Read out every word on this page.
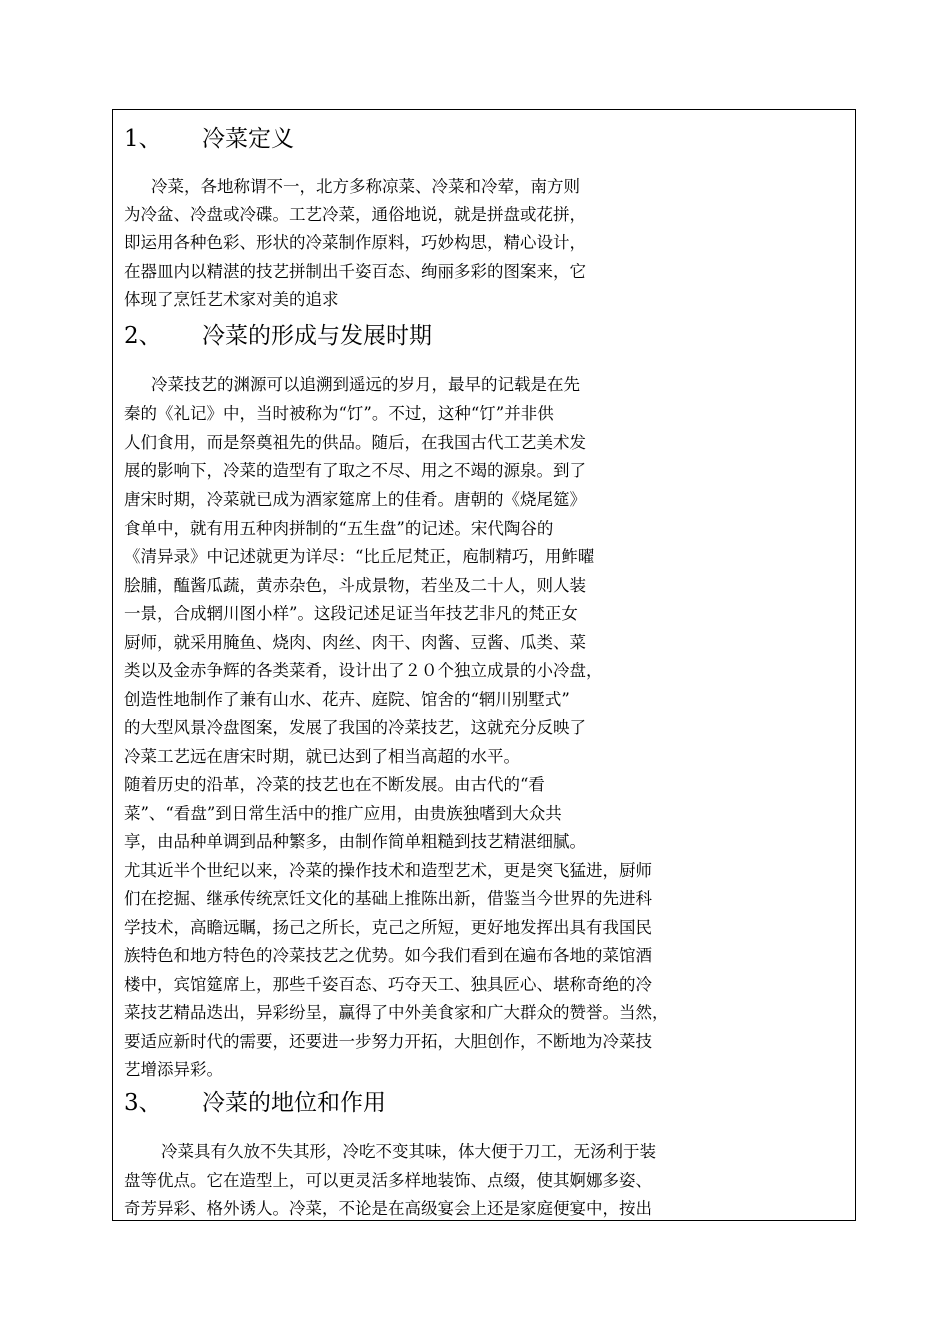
1、 冷菜定义
冷菜，各地称谓不一，北方多称凉菜、冷菜和冷荤，南方则
为冷盆、冷盘或冷碟。工艺冷菜，通俗地说，就是拼盘或花拼，
即运用各种色彩、形状的冷菜制作原料，巧妙构思，精心设计，
在器皿内以精湛的技艺拼制出千姿百态、绚丽多彩的图案来，它
体现了烹饪艺术家对美的追求
2、 冷菜的形成与发展时期
冷菜技艺的渊源可以追溯到遥远的岁月，最早的记载是在先
秦的《礼记》中，当时被称为“饤”。不过，这种“饤”并非供
人们食用，而是祭奠祖先的供品。随后，在我国古代工艺美术发
展的影响下，冷菜的造型有了取之不尽、用之不竭的源泉。到了
唐宋时期，冷菜就已成为酒家筵席上的佳肴。唐朝的《烧尾筵》
食单中，就有用五种肉拼制的“五生盘”的记述。宋代陶谷的
《清异录》中记述就更为详尽：“比丘尼梵正，庖制精巧，用鲊曜
脍脯，醢酱瓜蔬，黄赤杂色，斗成景物，若坐及二十人，则人装
一景，合成辋川图小样”。这段记述足证当年技艺非凡的梵正女
厨师，就采用腌鱼、烧肉、肉丝、肉干、肉酱、豆酱、瓜类、菜
类以及金赤争辉的各类菜肴，设计出了２０个独立成景的小冷盘，
创造性地制作了兼有山水、花卉、庭院、馆舍的“辋川别墅式”
的大型风景冷盘图案，发展了我国的冷菜技艺，这就充分反映了
冷菜工艺远在唐宋时期，就已达到了相当高超的水平。
随着历史的沿革，冷菜的技艺也在不断发展。由古代的“看
菜”、“看盘”到日常生活中的推广应用，由贵族独嗜到大众共
享，由品种单调到品种繁多，由制作简单粗糙到技艺精湛细腻。
尤其近半个世纪以来，冷菜的操作技术和造型艺术，更是突飞猛进，厨师
们在挖掘、继承传统烹饪文化的基础上推陈出新，借鉴当今世界的先进科
学技术，高瞻远瞩，扬己之所长，克己之所短，更好地发挥出具有我国民
族特色和地方特色的冷菜技艺之优势。如今我们看到在遍布各地的菜馆酒
楼中，宾馆筵席上，那些千姿百态、巧夺天工、独具匠心、堪称奇绝的冷
菜技艺精品迭出，异彩纷呈，赢得了中外美食家和广大群众的赞誉。当然，
要适应新时代的需要，还要进一步努力开拓，大胆创作，不断地为冷菜技
艺增添异彩。
3、 冷菜的地位和作用
冷菜具有久放不失其形，冷吃不变其味，体大便于刀工，无汤利于装
盘等优点。它在造型上，可以更灵活多样地装饰、点缀，使其婀娜多姿、
奇芳异彩、格外诱人。冷菜，不论是在高级宴会上还是家庭便宴中，按出
